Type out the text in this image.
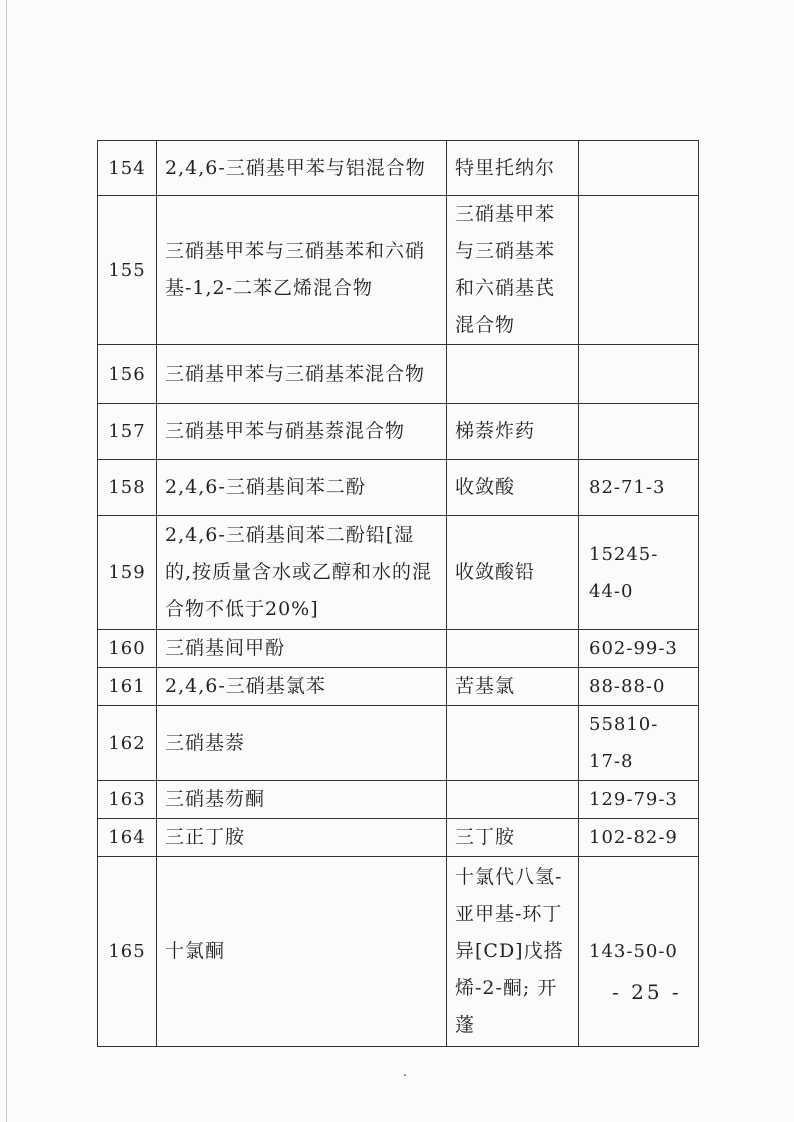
154	2,4,6-三硝基甲苯与铝混合物	特里托纳尔	
155	三硝基甲苯与三硝基苯和六硝基-1,2-二苯乙烯混合物	三硝基甲苯与三硝基苯和六硝基芪混合物	
156	三硝基甲苯与三硝基苯混合物		
157	三硝基甲苯与硝基萘混合物	梯萘炸药	
158	2,4,6-三硝基间苯二酚	收敛酸	82-71-3
159	2,4,6-三硝基间苯二酚铅[湿的,按质量含水或乙醇和水的混合物不低于20%]	收敛酸铅	15245-44-0
160	三硝基间甲酚		602-99-3
161	2,4,6-三硝基氯苯	苦基氯	88-88-0
162	三硝基萘		55810-17-8
163	三硝基芴酮		129-79-3
164	三正丁胺	三丁胺	102-82-9
165	十氯酮	十氯代八氢-亚甲基-环丁异[CD]戊搭烯-2-酮; 开蓬	143-50-0
- 25 -
